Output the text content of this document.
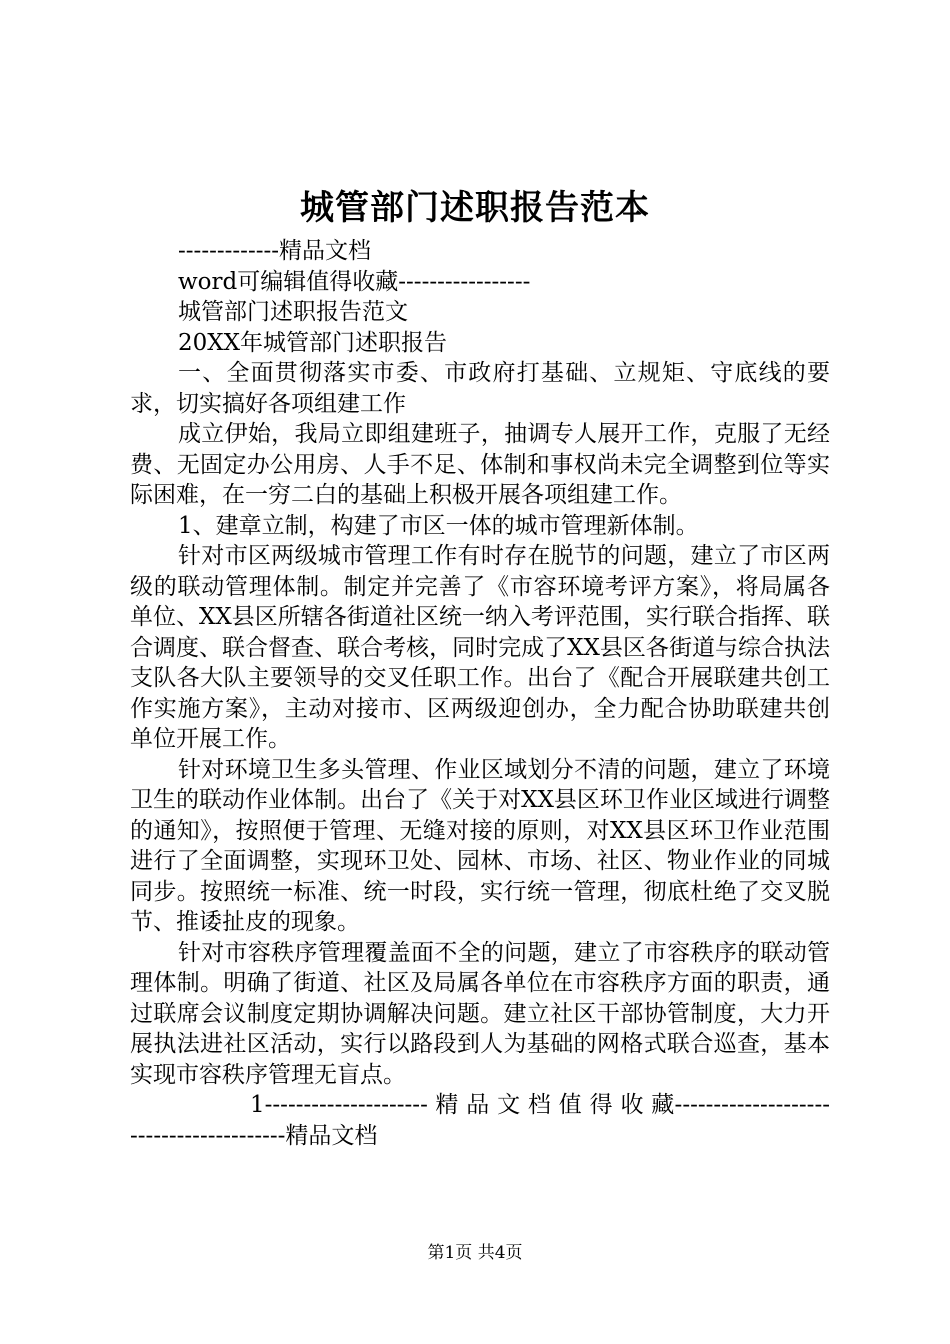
城管部门述职报告范本

-------------精品文档

word可编辑值得收藏-----------------

城管部门述职报告范文

20XX年城管部门述职报告

一、全面贯彻落实市委、市政府打基础、立规矩、守底线的要求，切实搞好各项组建工作

成立伊始，我局立即组建班子，抽调专人展开工作，克服了无经费、无固定办公用房、人手不足、体制和事权尚未完全调整到位等实际困难，在一穷二白的基础上积极开展各项组建工作。

1、建章立制，构建了市区一体的城市管理新体制。

针对市区两级城市管理工作有时存在脱节的问题，建立了市区两级的联动管理体制。制定并完善了《市容环境考评方案》，将局属各单位、XX县区所辖各街道社区统一纳入考评范围，实行联合指挥、联合调度、联合督查、联合考核，同时完成了XX县区各街道与综合执法支队各大队主要领导的交叉任职工作。出台了《配合开展联建共创工作实施方案》，主动对接市、区两级迎创办，全力配合协助联建共创单位开展工作。

针对环境卫生多头管理、作业区域划分不清的问题，建立了环境卫生的联动作业体制。出台了《关于对XX县区环卫作业区域进行调整的通知》，按照便于管理、无缝对接的原则，对XX县区环卫作业范围进行了全面调整，实现环卫处、园林、市场、社区、物业作业的同城同步。按照统一标准、统一时段，实行统一管理，彻底杜绝了交叉脱节、推诿扯皮的现象。

针对市容秩序管理覆盖面不全的问题，建立了市容秩序的联动管理体制。明确了街道、社区及局属各单位在市容秩序方面的职责，通过联席会议制度定期协调解决问题。建立社区干部协管制度，大力开展执法进社区活动，实行以路段到人为基础的网格式联合巡查，基本实现市容秩序管理无盲点。

1--------------------- 精 品 文 档 值 得 收 藏----------------------------------------精品文档

第1页 共4页
